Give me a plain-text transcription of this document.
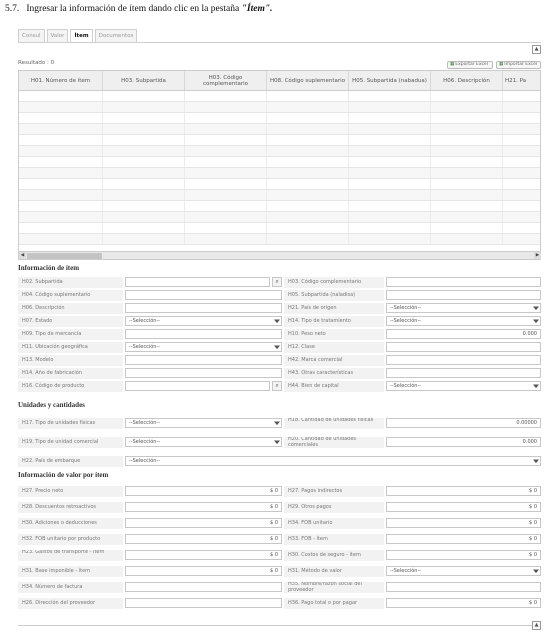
5.7. Ingresar la información de ítem dando clic en la pestaña "Ítem".
Consul	Valor	Ítem	Documentos
▲
Resultado : 0	▦Exportar Excel	▦Importar Excel
H01. Número de ítem	H03. Subpartida	H03. Código complementario	H08. Código suplementario	H05. Subpartida (nabadua)	H06. Descripción	H21. Pa
◀	▶
Información de ítem
H02. Subpartida	⌕	H03. Código complementario
H04. Código suplementario	H05. Subpartida (naladisa)
H06. Descripción	H21. País de origen	--Selección--
H07. Estado	--Selección--	H14. Tipo de tratamiento	--Selección--
H09. Tipo de mercancía	H10. Peso neto	0.000
H11. Ubicación geográfica	--Selección--	H12. Clase
H13. Modelo	H42. Marca comercial
H14. Año de fabricación	H43. Otras características
H16. Código de producto	⌕	H44. Bien de capital	--Selección--
Unidades y cantidades
H17. Tipo de unidades físicas	--Selección--	H18. Cantidad de unidades físicas	0.00000
H19. Tipo de unidad comercial	--Selección--	H20. Cantidad de unidades comerciales	0.000
H22. País de embarque	--Selección--
Información de valor por ítem
H27. Precio neto	$ 0	H27. Pagos indirectos	$ 0
H28. Descuentos retroactivos	$ 0	H29. Otros pagos	$ 0
H30. Adiciones o deducciones	$ 0	H34. FOB unitario	$ 0
H32. FOB unitario por producto	$ 0	H33. FOB - ítem	$ 0
H23. Gastos de transporte - ítem	$ 0	H30. Costos de seguro - ítem	$ 0
H31. Base imponible - ítem	$ 0	H31. Método de valor	--Selección--
H34. Número de factura	H35. Nombre/razón social del proveedor
H26. Dirección del proveedor	H36. Pago total o por pagar	$ 0
▲
